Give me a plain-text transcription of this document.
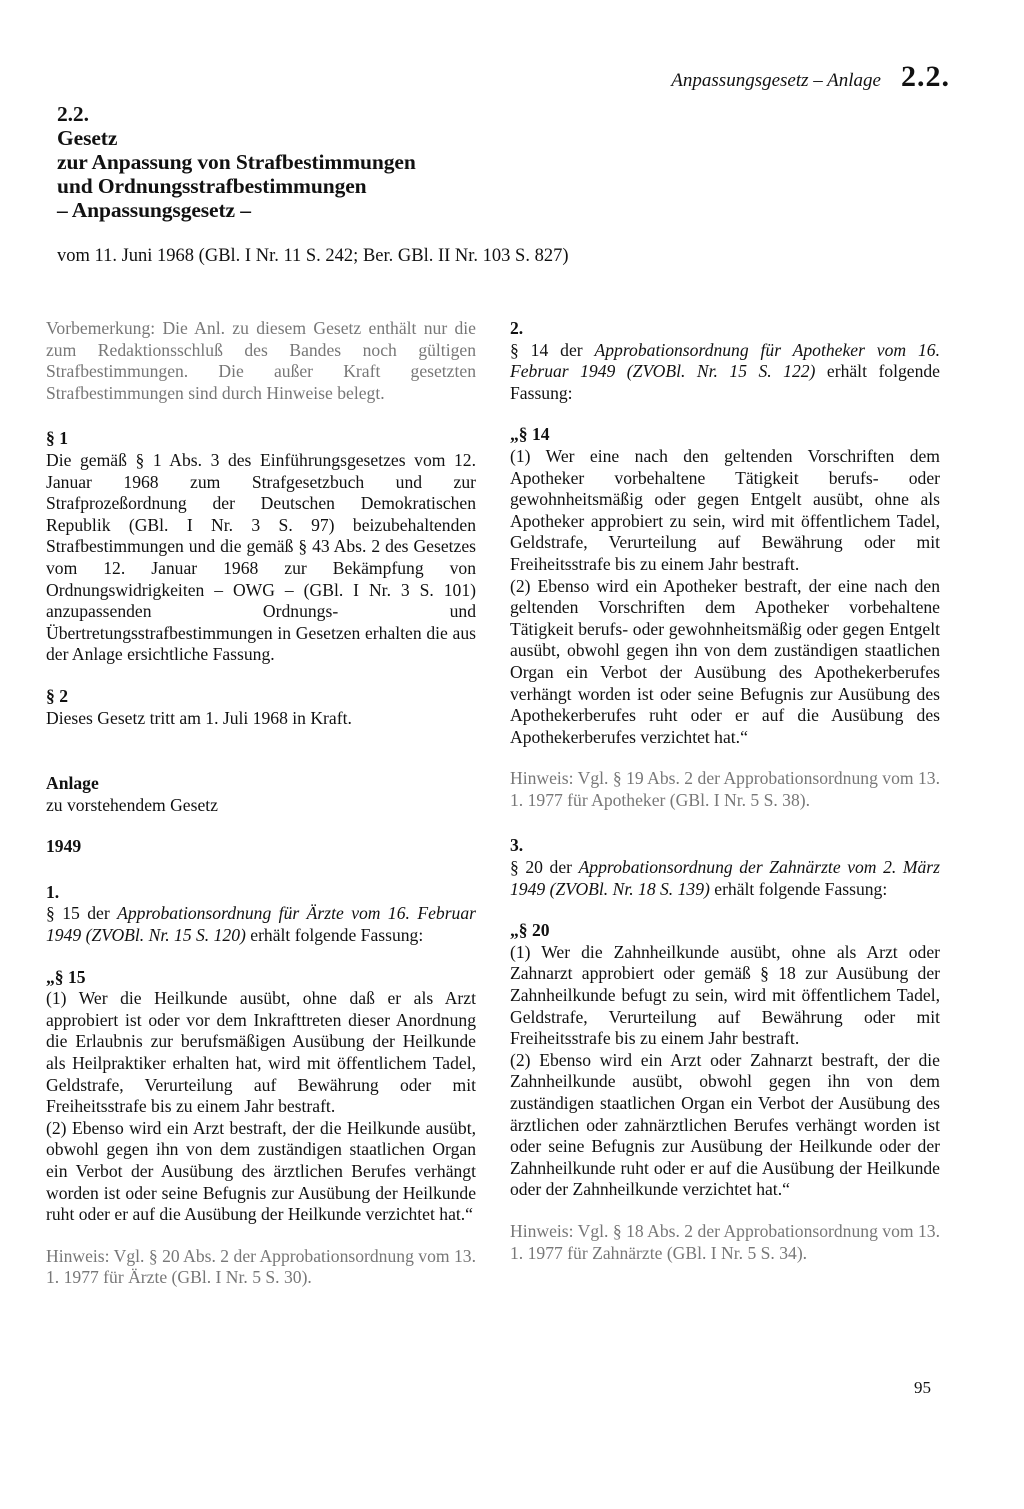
Anpassungsgesetz – Anlage 2.2.

2.2.

Gesetz

zur Anpassung von Strafbestimmungen

und Ordnungsstrafbestimmungen

– Anpassungsgesetz –

vom 11. Juni 1968 (GBl. I Nr. 11 S. 242; Ber. GBl. II Nr. 103 S. 827)

Vorbemerkung: Die Anl. zu diesem Gesetz enthält nur die zum Redaktionsschluß des Bandes noch gültigen Strafbestimmungen. Die außer Kraft gesetzten Strafbestimmungen sind durch Hinweise belegt.

§ 1

Die gemäß § 1 Abs. 3 des Einführungsgesetzes vom 12. Januar 1968 zum Strafgesetzbuch und zur Strafprozeßordnung der Deutschen Demokratischen Republik (GBl. I Nr. 3 S. 97) beizubehaltenden Strafbestimmungen und die gemäß § 43 Abs. 2 des Gesetzes vom 12. Januar 1968 zur Bekämpfung von Ordnungswidrigkeiten – OWG – (GBl. I Nr. 3 S. 101) anzupassenden Ordnungs- und Übertretungsstrafbestimmungen in Gesetzen erhalten die aus der Anlage ersichtliche Fassung.

§ 2

Dieses Gesetz tritt am 1. Juli 1968 in Kraft.

Anlage

zu vorstehendem Gesetz

1949

1.

§ 15 der Approbationsordnung für Ärzte vom 16. Februar 1949 (ZVOBl. Nr. 15 S. 120) erhält folgende Fassung:

„§ 15

(1) Wer die Heilkunde ausübt, ohne daß er als Arzt approbiert ist oder vor dem Inkrafttreten dieser Anordnung die Erlaubnis zur berufsmäßigen Ausübung der Heilkunde als Heilpraktiker erhalten hat, wird mit öffentlichem Tadel, Geldstrafe, Verurteilung auf Bewährung oder mit Freiheitsstrafe bis zu einem Jahr bestraft.

(2) Ebenso wird ein Arzt bestraft, der die Heilkunde ausübt, obwohl gegen ihn von dem zuständigen staatlichen Organ ein Verbot der Ausübung des ärztlichen Berufes verhängt worden ist oder seine Befugnis zur Ausübung der Heilkunde ruht oder er auf die Ausübung der Heilkunde verzichtet hat.“

Hinweis: Vgl. § 20 Abs. 2 der Approbationsordnung vom 13. 1. 1977 für Ärzte (GBl. I Nr. 5 S. 30).

2.

§ 14 der Approbationsordnung für Apotheker vom 16. Februar 1949 (ZVOBl. Nr. 15 S. 122) erhält folgende Fassung:

„§ 14

(1) Wer eine nach den geltenden Vorschriften dem Apotheker vorbehaltene Tätigkeit berufs- oder gewohnheitsmäßig oder gegen Entgelt ausübt, ohne als Apotheker approbiert zu sein, wird mit öffentlichem Tadel, Geldstrafe, Verurteilung auf Bewährung oder mit Freiheitsstrafe bis zu einem Jahr bestraft.

(2) Ebenso wird ein Apotheker bestraft, der eine nach den geltenden Vorschriften dem Apotheker vorbehaltene Tätigkeit berufs- oder gewohnheitsmäßig oder gegen Entgelt ausübt, obwohl gegen ihn von dem zuständigen staatlichen Organ ein Verbot der Ausübung des Apothekerberufes verhängt worden ist oder seine Befugnis zur Ausübung des Apothekerberufes ruht oder er auf die Ausübung des Apothekerberufes verzichtet hat.“

Hinweis: Vgl. § 19 Abs. 2 der Approbationsordnung vom 13. 1. 1977 für Apotheker (GBl. I Nr. 5 S. 38).

3.

§ 20 der Approbationsordnung der Zahnärzte vom 2. März 1949 (ZVOBl. Nr. 18 S. 139) erhält folgende Fassung:

„§ 20

(1) Wer die Zahnheilkunde ausübt, ohne als Arzt oder Zahnarzt approbiert oder gemäß § 18 zur Ausübung der Zahnheilkunde befugt zu sein, wird mit öffentlichem Tadel, Geldstrafe, Verurteilung auf Bewährung oder mit Freiheitsstrafe bis zu einem Jahr bestraft.

(2) Ebenso wird ein Arzt oder Zahnarzt bestraft, der die Zahnheilkunde ausübt, obwohl gegen ihn von dem zuständigen staatlichen Organ ein Verbot der Ausübung des ärztlichen oder zahnärztlichen Berufes verhängt worden ist oder seine Befugnis zur Ausübung der Heilkunde oder der Zahnheilkunde ruht oder er auf die Ausübung der Heilkunde oder der Zahnheilkunde verzichtet hat.“

Hinweis: Vgl. § 18 Abs. 2 der Approbationsordnung vom 13. 1. 1977 für Zahnärzte (GBl. I Nr. 5 S. 34).

95
